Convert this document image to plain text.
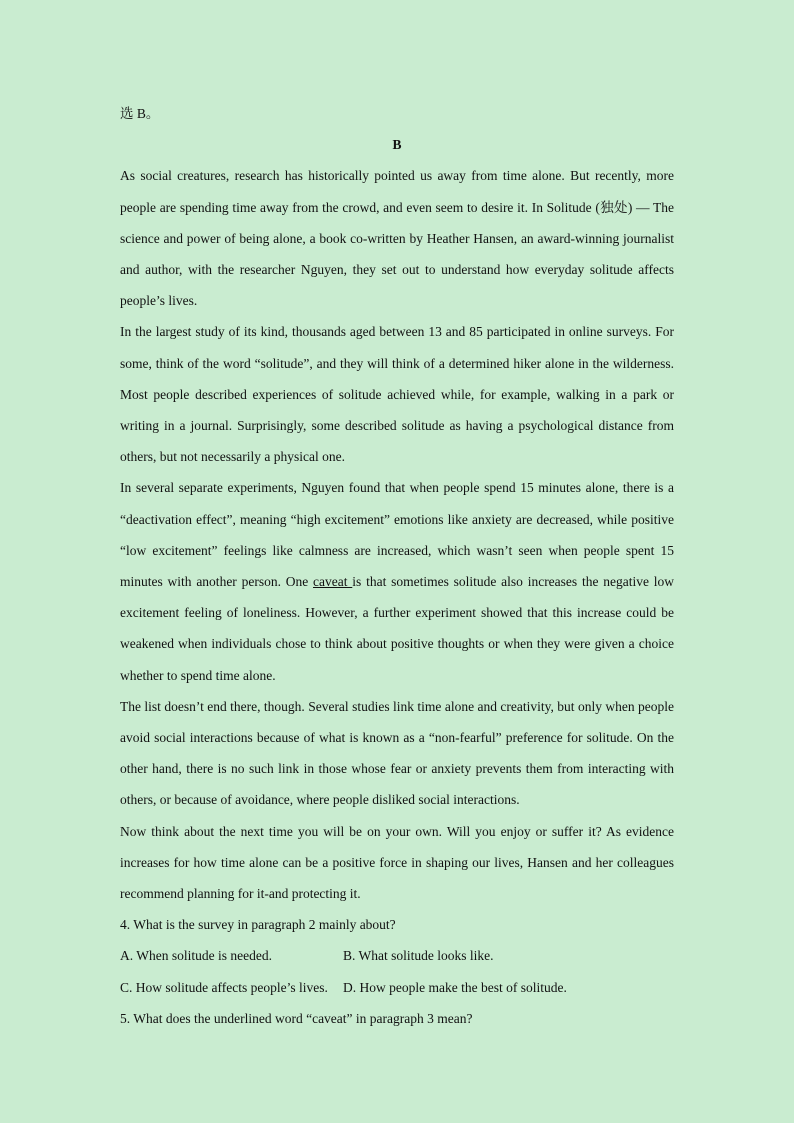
选 B。

B

As social creatures, research has historically pointed us away from time alone. But recently, more people are spending time away from the crowd, and even seem to desire it. In Solitude (独处) — The science and power of being alone, a book co-written by Heather Hansen, an award-winning journalist and author, with the researcher Nguyen, they set out to understand how everyday solitude affects people’s lives.

In the largest study of its kind, thousands aged between 13 and 85 participated in online surveys. For some, think of the word “solitude”, and they will think of a determined hiker alone in the wilderness. Most people described experiences of solitude achieved while, for example, walking in a park or writing in a journal. Surprisingly, some described solitude as having a psychological distance from others, but not necessarily a physical one.

In several separate experiments, Nguyen found that when people spend 15 minutes alone, there is a “deactivation effect”, meaning “high excitement” emotions like anxiety are decreased, while positive “low excitement” feelings like calmness are increased, which wasn’t seen when people spent 15 minutes with another person. One caveat is that sometimes solitude also increases the negative low excitement feeling of loneliness. However, a further experiment showed that this increase could be weakened when individuals chose to think about positive thoughts or when they were given a choice whether to spend time alone.

The list doesn’t end there, though. Several studies link time alone and creativity, but only when people avoid social interactions because of what is known as a “non-fearful” preference for solitude. On the other hand, there is no such link in those whose fear or anxiety prevents them from interacting with others, or because of avoidance, where people disliked social interactions.

Now think about the next time you will be on your own. Will you enjoy or suffer it? As evidence increases for how time alone can be a positive force in shaping our lives, Hansen and her colleagues recommend planning for it-and protecting it.

4. What is the survey in paragraph 2 mainly about?

A. When solitude is needed.	B. What solitude looks like.
C. How solitude affects people’s lives.	D. How people make the best of solitude.

5. What does the underlined word “caveat” in paragraph 3 mean?
